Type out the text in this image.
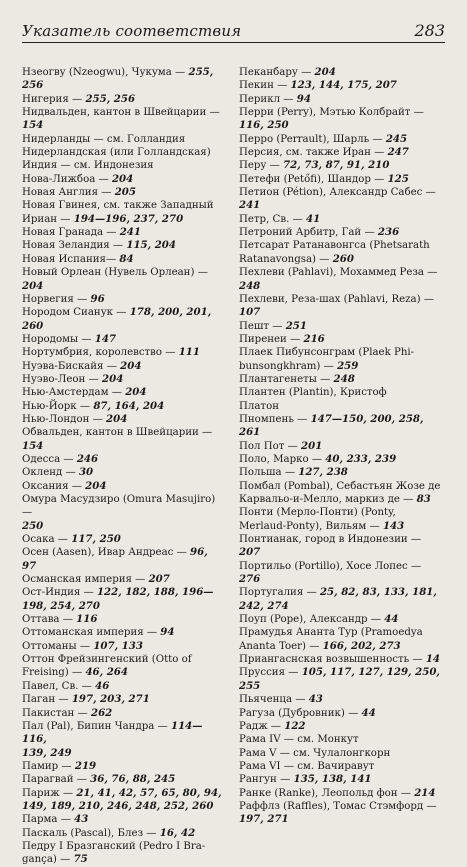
Указатель соответствия	283
Нзеогву (Nzeogwu), Чукума — 255,
256
Нигерия — 255, 256
Нидвальден, кантон в Швейцарии —
154
Нидерланды — см. Голландия
Нидерландская (или Голландская)
Индия — см. Индонезия
Нова-Лижбоа — 204
Новая Англия — 205
Новая Гвинея, см. также Западный
Ириан — 194—196, 237, 270
Новая Гранада — 241
Новая Зеландия — 115, 204
Новая Испания— 84
Новый Орлеан (Нувель Орлеан) —
204
Норвегия — 96
Нородом Сианук — 178, 200, 201, 260
Нородомы — 147
Нортумбрия, королевство — 111
Нуэва-Бискайя — 204
Нуэво-Леон — 204
Нью-Амстердам — 204
Нью-Йорк — 87, 164, 204
Нью-Лондон — 204
Обвальден, кантон в Швейцарии —
154
Одесса — 246
Окленд — 30
Оксания — 204
Омура Масудзиро (Omura Masujiro) —
250
Осака — 117, 250
Осен (Aasen), Ивар Андреас — 96,
97
Османская империя — 207
Ост-Индия — 122, 182, 188, 196—
198, 254, 270
Оттава — 116
Оттоманская империя — 94
Оттоманы — 107, 133
Оттон Фрейзингенский (Otto of
Freising) — 46, 264
Павел, Св. — 46
Паган — 197, 203, 271
Пакистан — 262
Пал (Pal), Бипин Чандра — 114—116,
139, 249
Памир — 219
Парагвай — 36, 76, 88, 245
Париж — 21, 41, 42, 57, 65, 80, 94,
149, 189, 210, 246, 248, 252, 260
Парма — 43
Паскаль (Pascal), Блез — 16, 42
Педру I Бразганский (Pedro I Bra-
gança) — 75
Пеканбару — 204
Пекин — 123, 144, 175, 207
Перикл — 94
Перри (Perry), Мэтью Колбрайт —
116, 250
Перро (Perrault), Шарль — 245
Персия, см. также Иран — 247
Перу — 72, 73, 87, 91, 210
Петефи (Petőfi), Шандор — 125
Петион (Pétion), Александр Сабес —
241
Петр, Св. — 41
Петроний Арбитр, Гай — 236
Петсарат Ратанавонгса (Phetsarath
Ratanavongsa) — 260
Пехлеви (Pahlavi), Мохаммед Реза —
248
Пехлеви, Реза-шах (Pahlavi, Reza) —
107
Пешт — 251
Пиренеи — 216
Плаек Пибунсонграм (Plaek Phi-
bunsongkhram) — 259
Плантагенеты — 248
Плантен (Plantin), Кристоф
Платон
Пномпень — 147—150, 200, 258,
261
Пол Пот — 201
Поло, Марко — 40, 233, 239
Польша — 127, 238
Помбал (Pombal), Себастьян Жозе де
Карвальо-и-Мелло, маркиз де — 83
Понти (Мерло-Понти) (Ponty,
Merlaud-Ponty), Вильям — 143
Понтианак, город в Индонезии —
207
Портильо (Portillo), Хосе Лопес —
276
Португалия — 25, 82, 83, 133, 181,
242, 274
Поуп (Pope), Александр — 44
Прамудья Ананта Тур (Pramoedya
Ananta Toer) — 166, 202, 273
Приангаснская возвышенность — 14
Пруссия — 105, 117, 127, 129, 250,
255
Пьяченца — 43
Рагуза (Дубровник) — 44
Радж — 122
Рама IV — см. Монкут
Рама V — см. Чулалонгкорн
Рама VI — см. Вачиравут
Рангун — 135, 138, 141
Ранке (Ranke), Леопольд фон — 214
Раффлз (Raffles), Томас Стэмфорд —
197, 271
